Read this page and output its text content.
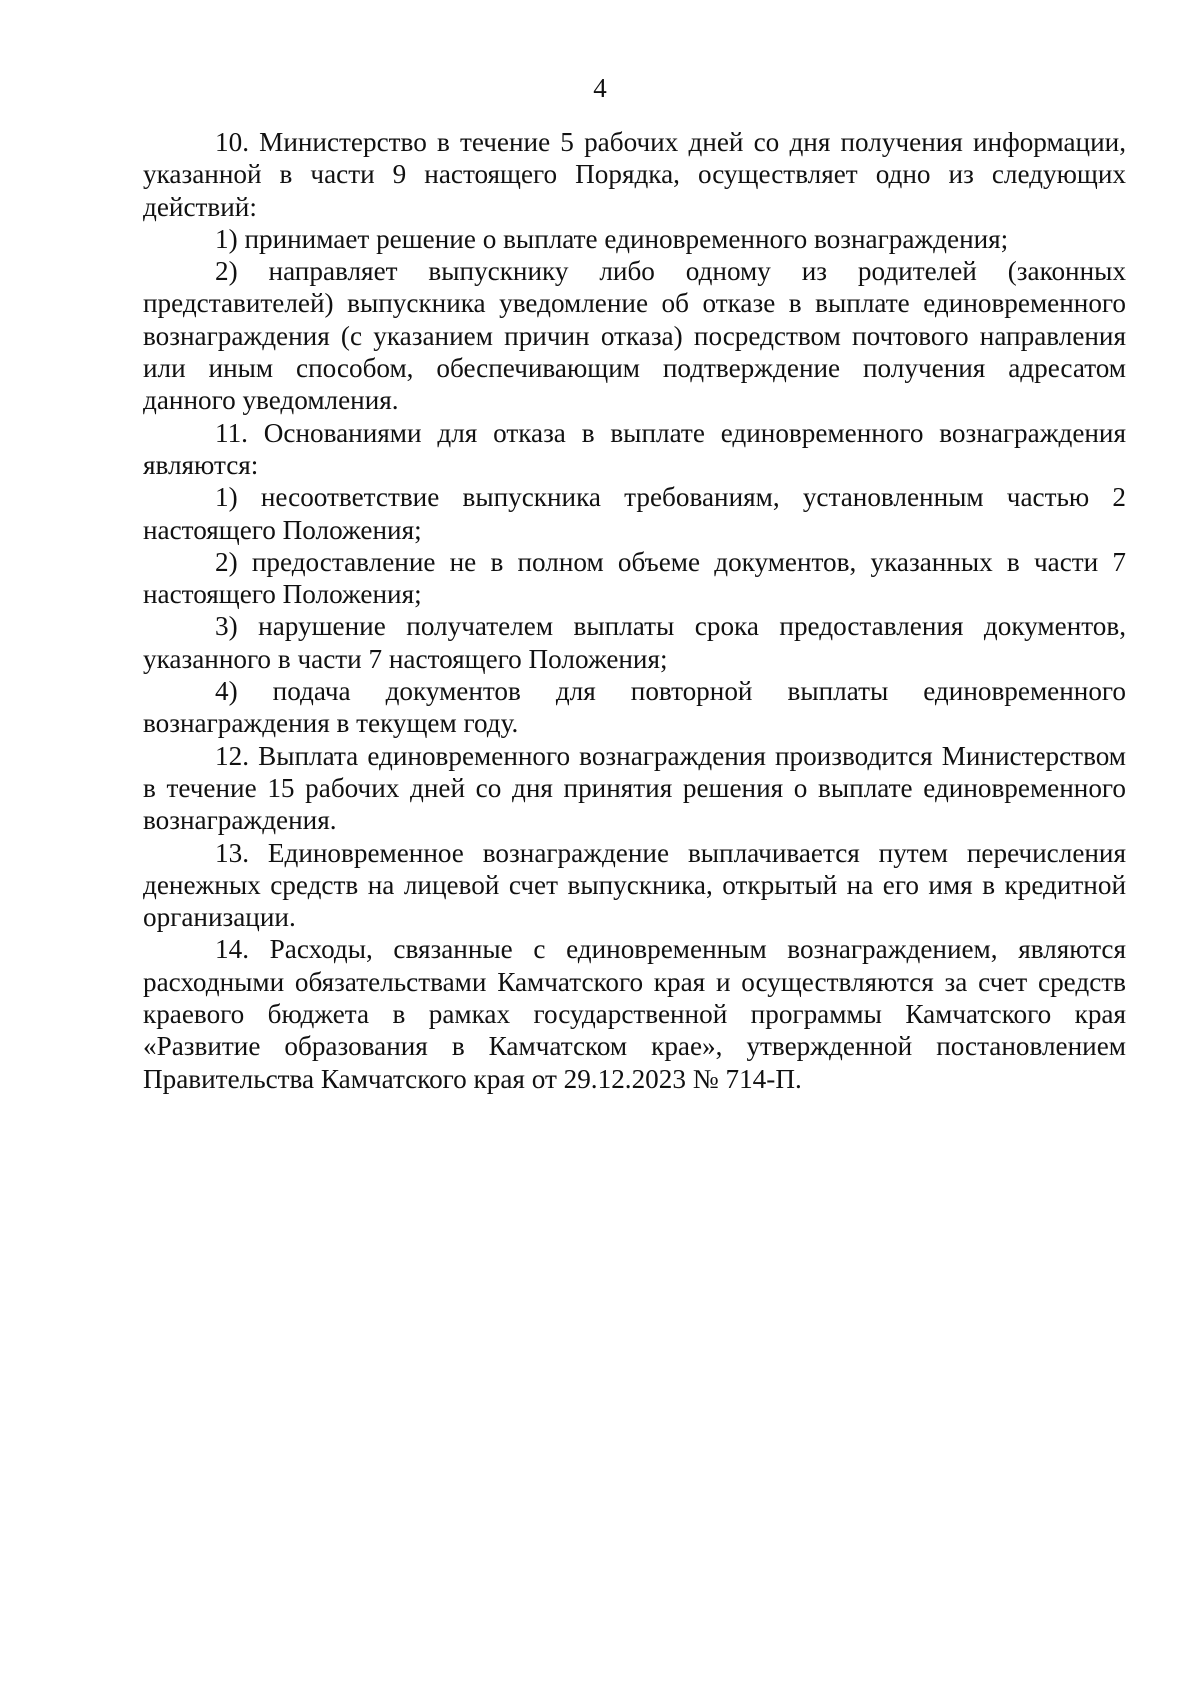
4

10. Министерство в течение 5 рабочих дней со дня получения информации, указанной в части 9 настоящего Порядка, осуществляет одно из следующих действий:

1) принимает решение о выплате единовременного вознаграждения;

2) направляет выпускнику либо одному из родителей (законных представителей) выпускника уведомление об отказе в выплате единовременного вознаграждения (с указанием причин отказа) посредством почтового направления или иным способом, обеспечивающим подтверждение получения адресатом данного уведомления.

11. Основаниями для отказа в выплате единовременного вознаграждения являются:

1) несоответствие выпускника требованиям, установленным частью 2 настоящего Положения;

2) предоставление не в полном объеме документов, указанных в части 7 настоящего Положения;

3) нарушение получателем выплаты срока предоставления документов, указанного в части 7 настоящего Положения;

4) подача документов для повторной выплаты единовременного вознаграждения в текущем году.

12. Выплата единовременного вознаграждения производится Министерством в течение 15 рабочих дней со дня принятия решения о выплате единовременного вознаграждения.

13. Единовременное вознаграждение выплачивается путем перечисления денежных средств на лицевой счет выпускника, открытый на его имя в кредитной организации.

14. Расходы, связанные с единовременным вознаграждением, являются расходными обязательствами Камчатского края и осуществляются за счет средств краевого бюджета в рамках государственной программы Камчатского края «Развитие образования в Камчатском крае», утвержденной постановлением Правительства Камчатского края от 29.12.2023 № 714-П.
